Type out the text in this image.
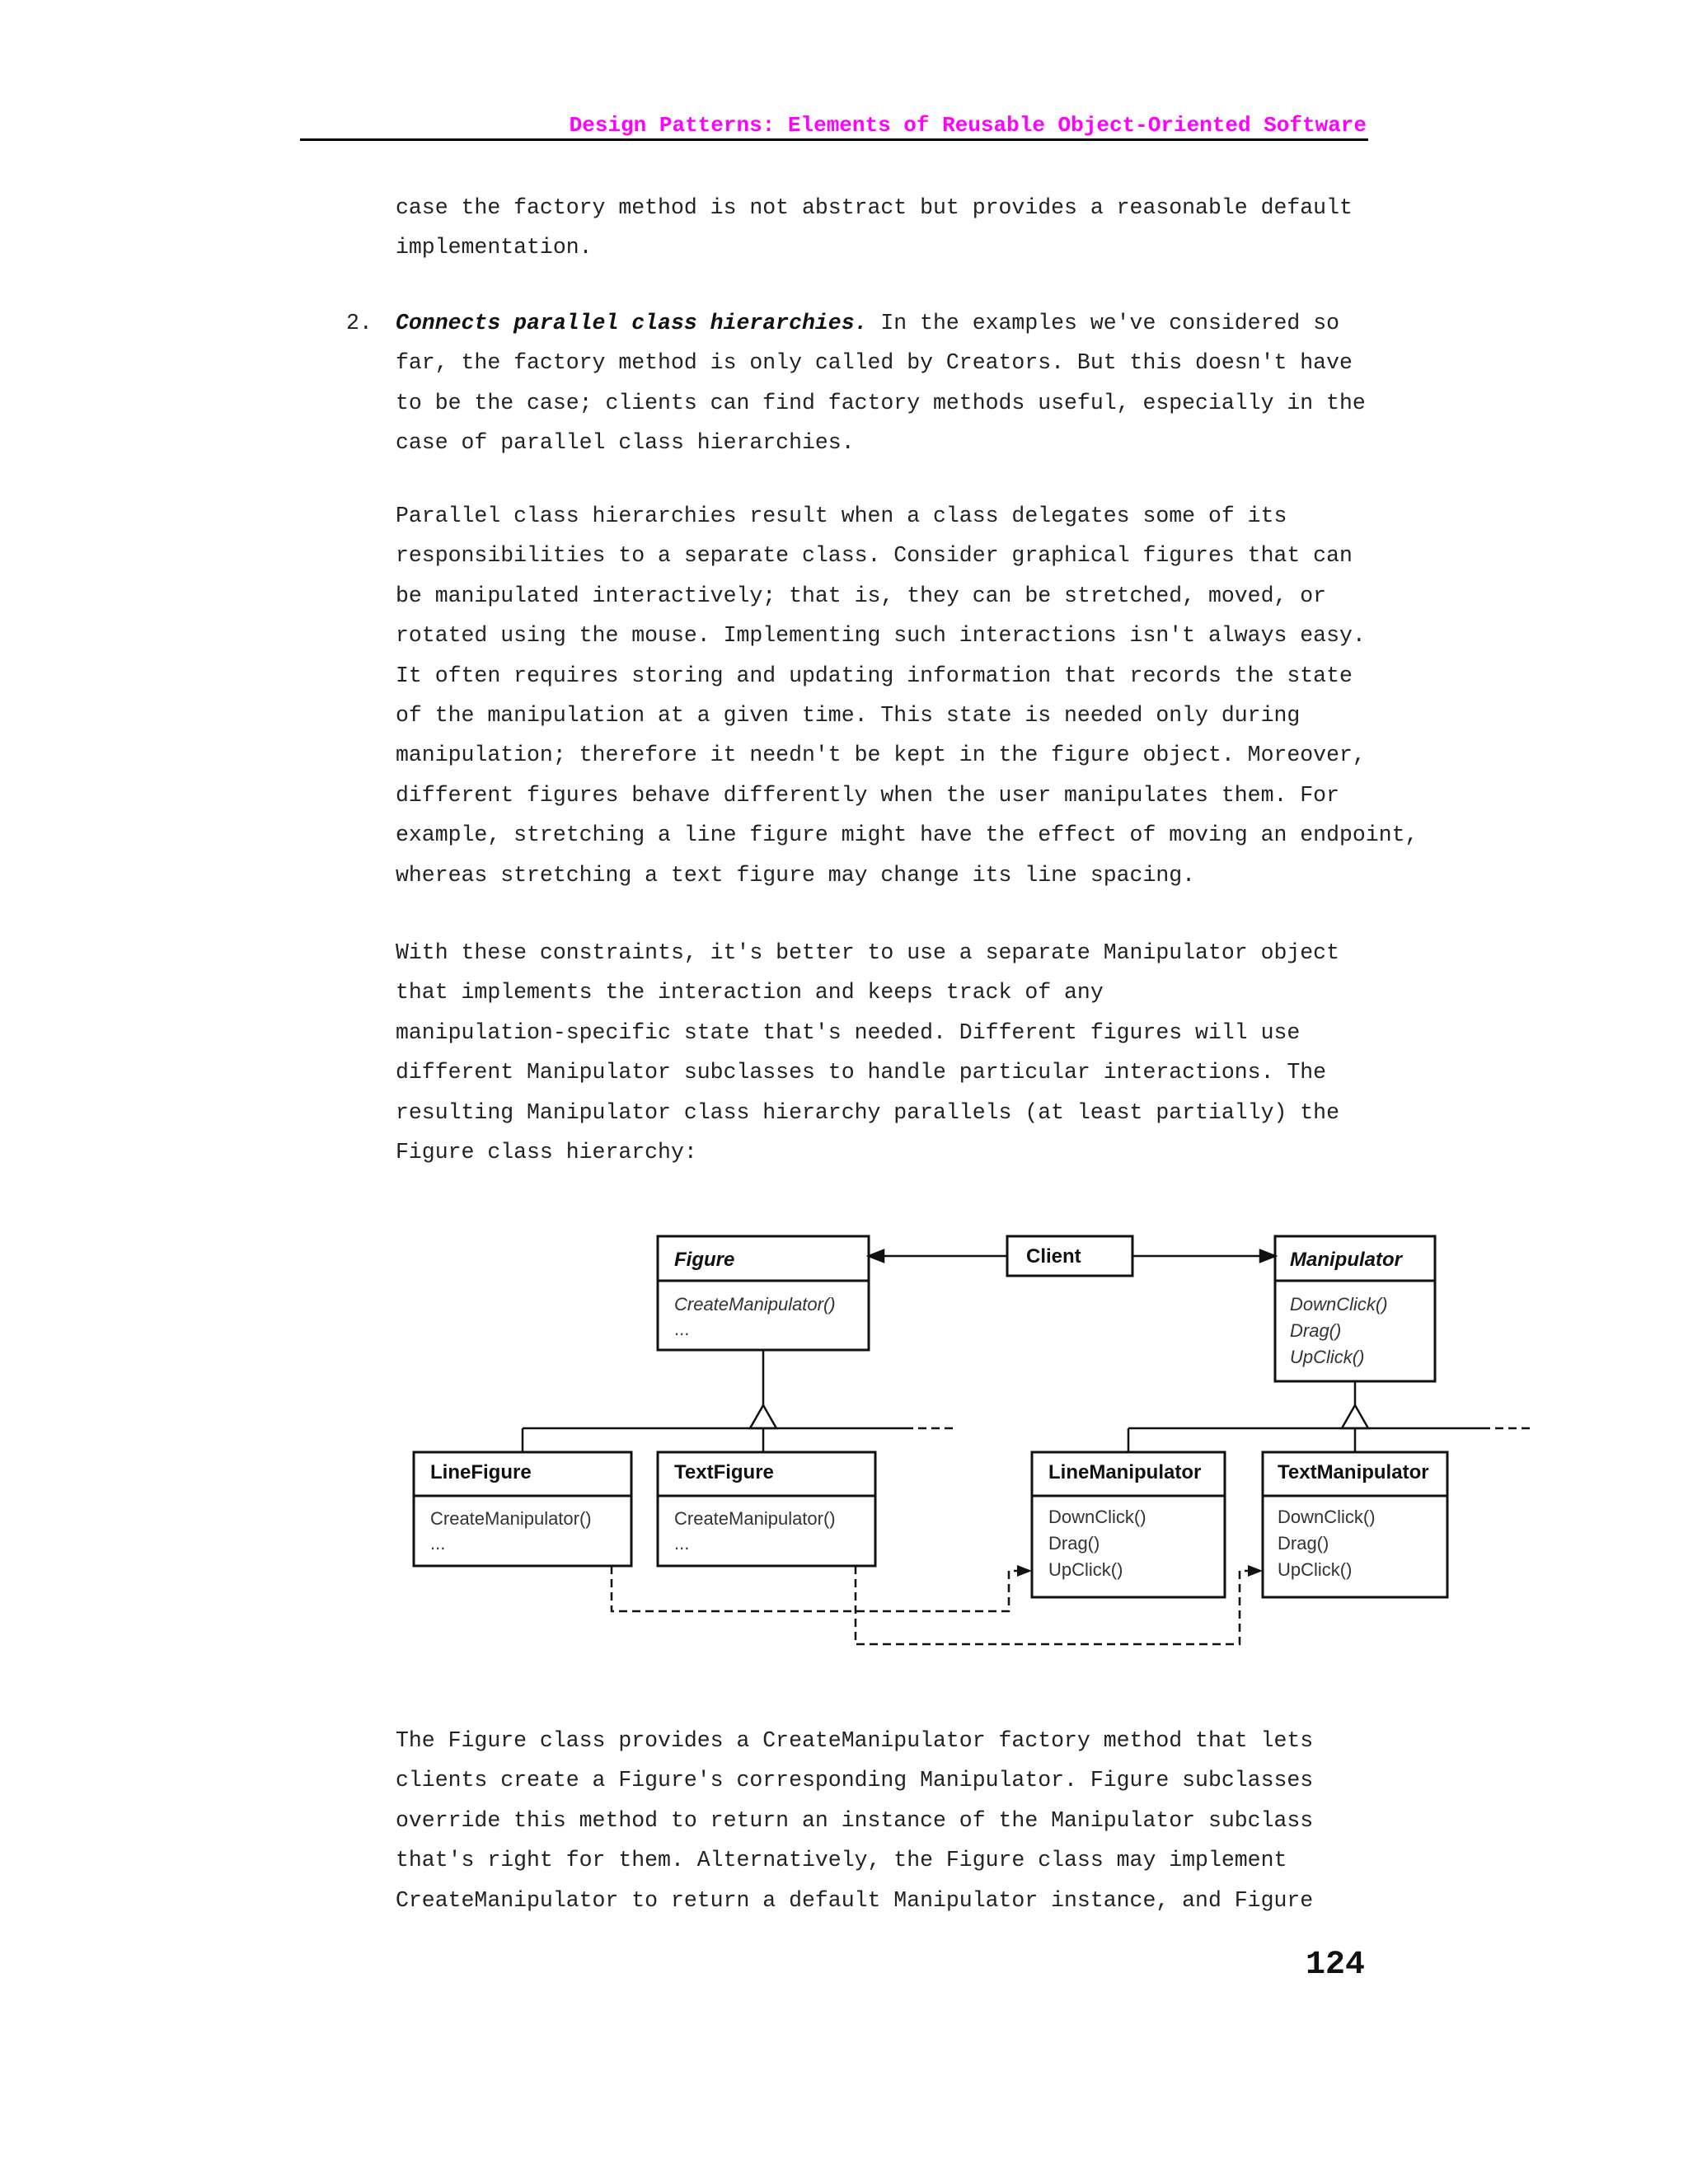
Design Patterns: Elements of Reusable Object-Oriented Software
case the factory method is not abstract but provides a reasonable default
implementation.
2. Connects parallel class hierarchies. In the examples we've considered so
far, the factory method is only called by Creators. But this doesn't have
to be the case; clients can find factory methods useful, especially in the
case of parallel class hierarchies.
Parallel class hierarchies result when a class delegates some of its
responsibilities to a separate class. Consider graphical figures that can
be manipulated interactively; that is, they can be stretched, moved, or
rotated using the mouse. Implementing such interactions isn't always easy.
It often requires storing and updating information that records the state
of the manipulation at a given time. This state is needed only during
manipulation; therefore it needn't be kept in the figure object. Moreover,
different figures behave differently when the user manipulates them. For
example, stretching a line figure might have the effect of moving an endpoint,
whereas stretching a text figure may change its line spacing.
With these constraints, it's better to use a separate Manipulator object
that implements the interaction and keeps track of any
manipulation-specific state that's needed. Different figures will use
different Manipulator subclasses to handle particular interactions. The
resulting Manipulator class hierarchy parallels (at least partially) the
Figure class hierarchy:
Figure
CreateManipulator()
...
Client	Manipulator
DownClick()
Drag()
UpClick()
LineFigure
CreateManipulator()
...
TextFigure
CreateManipulator()
...
LineManipulator
DownClick()
Drag()
UpClick()
TextManipulator
DownClick()
Drag()
UpClick()
The Figure class provides a CreateManipulator factory method that lets
clients create a Figure's corresponding Manipulator. Figure subclasses
override this method to return an instance of the Manipulator subclass
that's right for them. Alternatively, the Figure class may implement
CreateManipulator to return a default Manipulator instance, and Figure
124
